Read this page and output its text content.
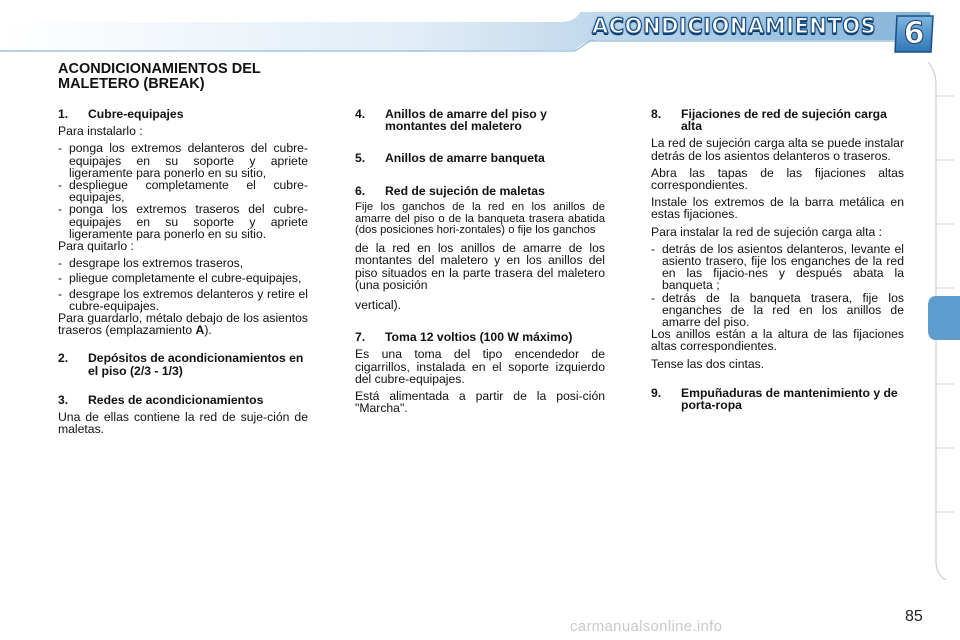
ACONDICIONAMIENTOS 6
ACONDICIONAMIENTOS DEL MALETERO (BREAK)
1.	Cubre-equipajes

Para instalarlo :

- ponga los extremos delanteros del cubre-equipajes en su soporte y apriete ligeramente para ponerlo en su sitio,
- despliegue completamente el cubre-equipajes,
- ponga los extremos traseros del cubre-equipajes en su soporte y apriete ligeramente para ponerlo en su sitio.

Para quitarlo :

- desgrape los extremos traseros,
- pliegue completamente el cubre-equipajes,
- desgrape los extremos delanteros y retire el cubre-equipajes.

Para guardarlo, métalo debajo de los asientos traseros (emplazamiento A).

2.	Depósitos de acondicionamientos en el piso (2/3 - 1/3)
3.	Redes de acondicionamientos

Una de ellas contiene la red de suje-ción de maletas.

4.	Anillos de amarre del piso y montantes del maletero
5.	Anillos de amarre banqueta
6.	Red de sujeción de maletas

Fije los ganchos de la red en los anillos de amarre del piso o de la banqueta trasera abatida (dos posiciones hori-zontales) o fije los ganchos

de la red en los anillos de amarre de los montantes del maletero y en los anillos del piso situados en la parte trasera del maletero (una posición

vertical).

7.	Toma 12 voltios (100 W máximo)

Es una toma del tipo encendedor de cigarrillos, instalada en el soporte izquierdo del cubre-equipajes.

Está alimentada a partir de la posi-ción "Marcha".

8.	Fijaciones de red de sujeción carga alta

La red de sujeción carga alta se puede instalar detrás de los asientos delanteros o traseros.

Abra las tapas de las fijaciones altas correspondientes.

Instale los extremos de la barra metálica en estas fijaciones.

Para instalar la red de sujeción carga alta :

- detrás de los asientos delanteros, levante el asiento trasero, fije los enganches de la red en las fijacio-nes y después abata la banqueta ;
- detrás de la banqueta trasera, fije los enganches de la red en los anillos de amarre del piso.

Los anillos están a la altura de las fijaciones altas correspondientes.

Tense las dos cintas.

9.	Empuñaduras de mantenimiento y de porta-ropa
carmanualsonline.info
85
